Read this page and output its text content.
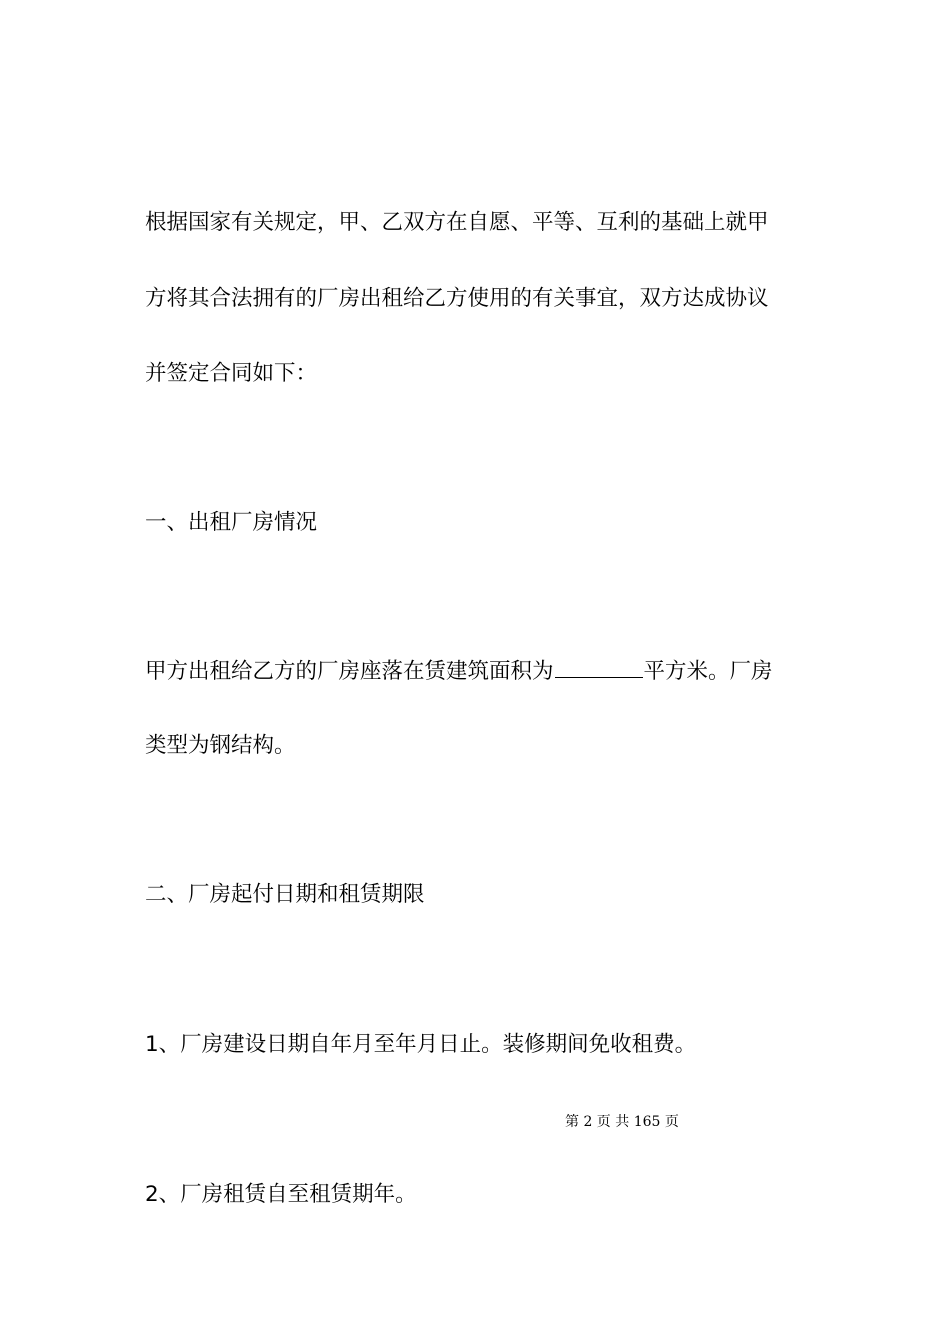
根据国家有关规定，甲、乙双方在自愿、平等、互利的基础上就甲

方将其合法拥有的厂房出租给乙方使用的有关事宜，双方达成协议

并签定合同如下：

一、出租厂房情况

甲方出租给乙方的厂房座落在赁建筑面积为	平方米。厂房

类型为钢结构。

二、厂房起付日期和租赁期限

1、厂房建设日期自年月至年月日止。装修期间免收租费。

第 2 页 共 165 页

2、厂房租赁自至租赁期年。
